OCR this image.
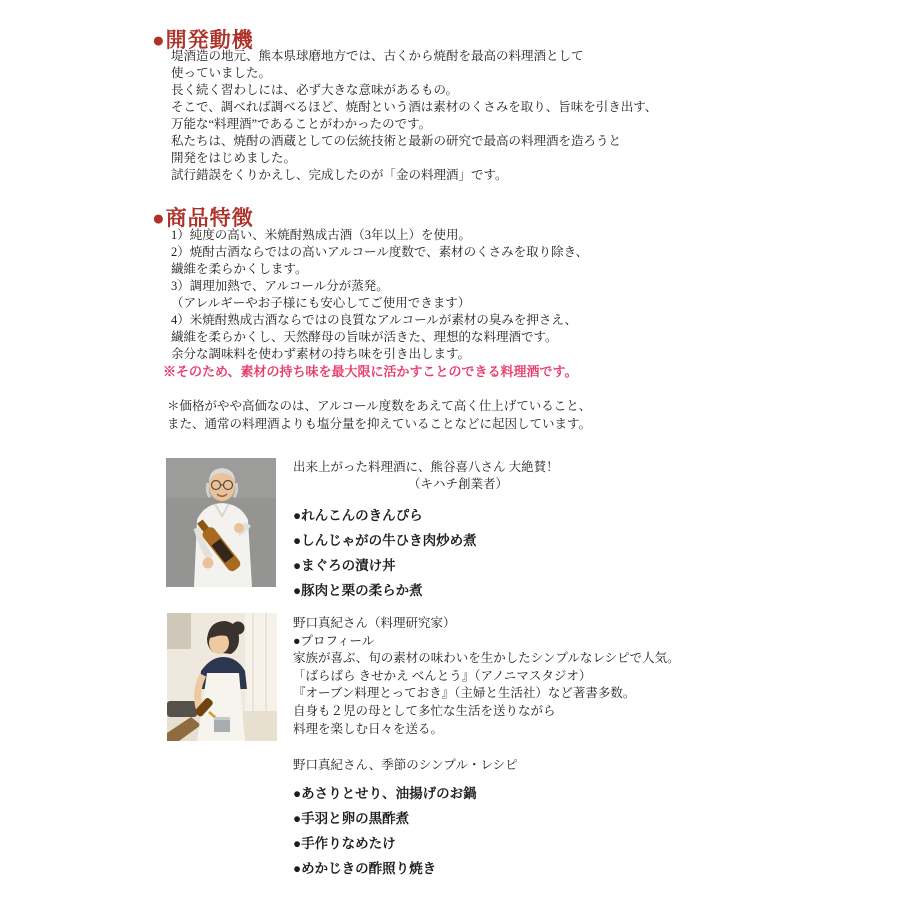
●開発動機
堤酒造の地元、熊本県球磨地方では、古くから焼酎を最高の料理酒として
使っていました。
長く続く習わしには、必ず大きな意味があるもの。
そこで、調べれば調べるほど、焼酎という酒は素材のくさみを取り、旨味を引き出す、
万能な“料理酒”であることがわかったのです。
私たちは、焼酎の酒蔵としての伝統技術と最新の研究で最高の料理酒を造ろうと
開発をはじめました。
試行錯誤をくりかえし、完成したのが「金の料理酒」です。
●商品特徴
1）純度の高い、米焼酎熟成古酒（3年以上）を使用。
2）焼酎古酒ならではの高いアルコール度数で、素材のくさみを取り除き、
繊維を柔らかくします。
3）調理加熱で、アルコール分が蒸発。
（アレルギーやお子様にも安心してご使用できます）
4）米焼酎熟成古酒ならではの良質なアルコールが素材の臭みを押さえ、
繊維を柔らかくし、天然酵母の旨味が活きた、理想的な料理酒です。
余分な調味料を使わず素材の持ち味を引き出します。
※そのため、素材の持ち味を最大限に活かすことのできる料理酒です。
＊価格がやや高価なのは、アルコール度数をあえて高く仕上げていること、
また、通常の料理酒よりも塩分量を抑えていることなどに起因しています。
出来上がった料理酒に、熊谷喜八さん 大絶賛！
（キハチ創業者）
●れんこんのきんぴら
●しんじゃがの牛ひき肉炒め煮
●まぐろの漬け丼
●豚肉と栗の柔らか煮
野口真紀さん（料理研究家）
●プロフィール
家族が喜ぶ、旬の素材の味わいを生かしたシンプルなレシピで人気。
「ばらばら きせかえ べんとう』（アノニマスタジオ）
『オーブン料理とっておき』（主婦と生活社）など著書多数。
自身も２児の母として多忙な生活を送りながら
料理を楽しむ日々を送る。
野口真紀さん、季節のシンプル・レシピ
●あさりとせり、油揚げのお鍋
●手羽と卵の黒酢煮
●手作りなめたけ
●めかじきの酢照り焼き
